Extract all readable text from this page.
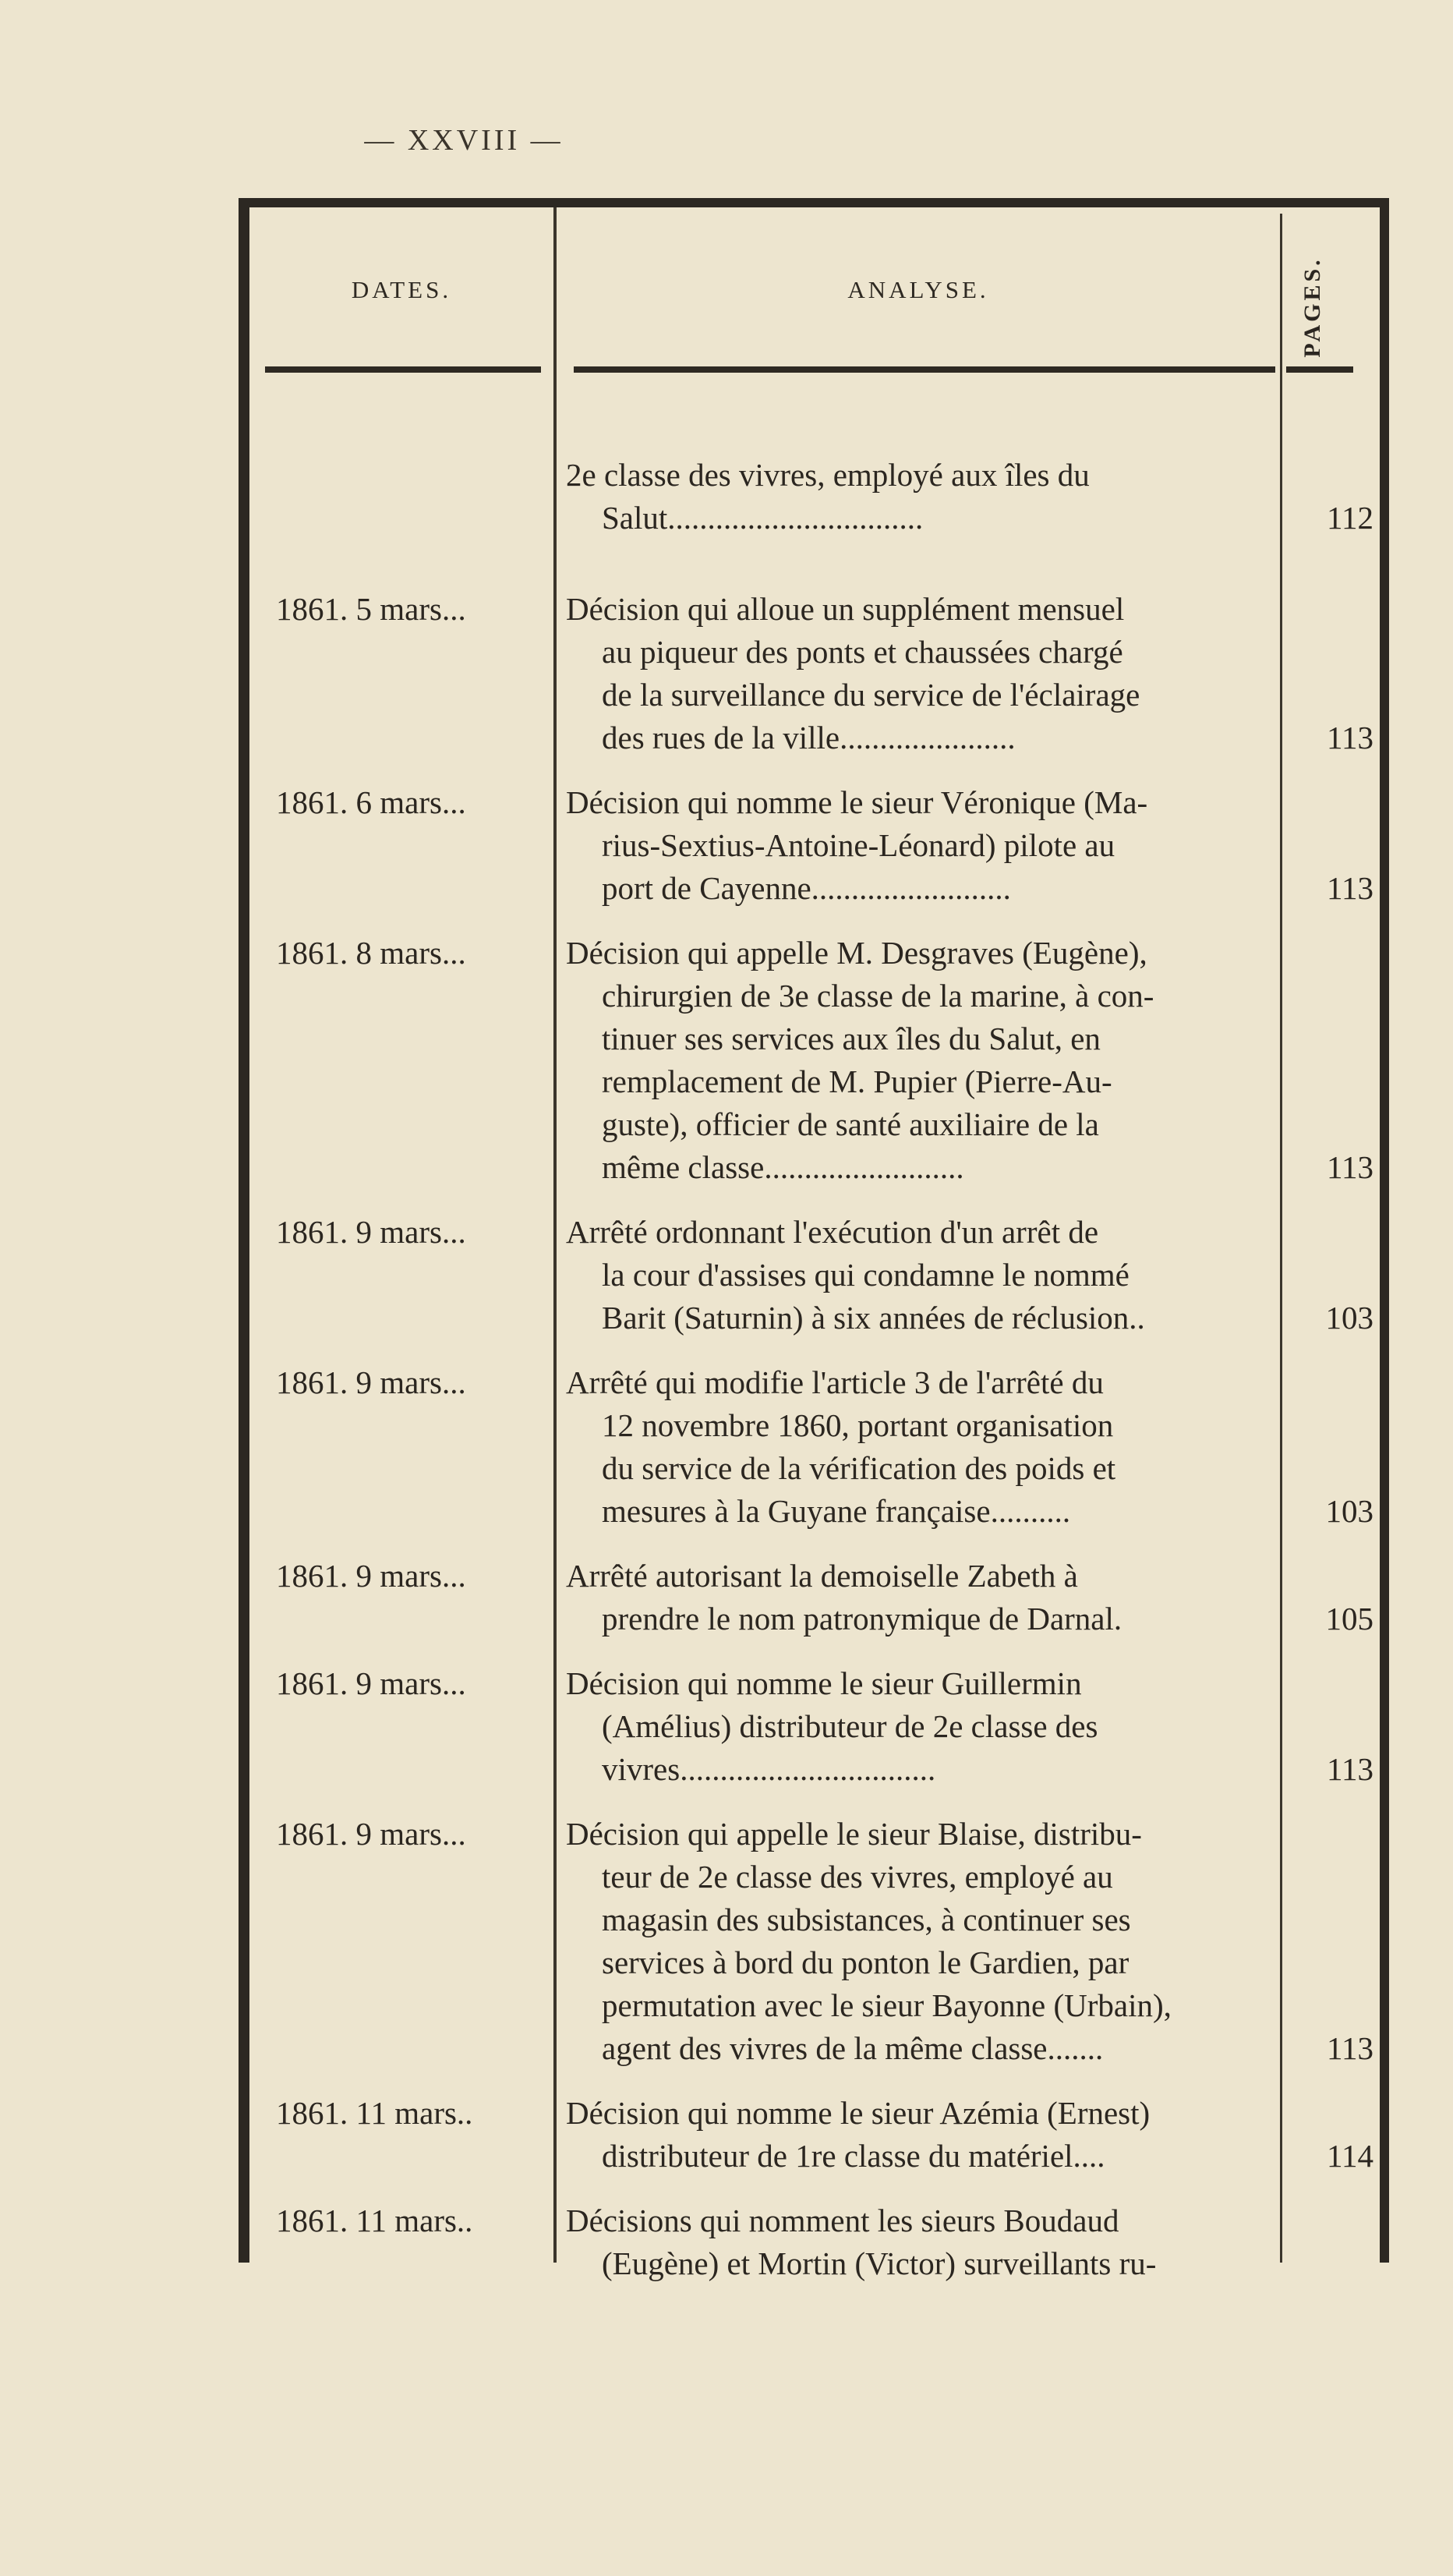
— XXVIII —
DATES.	ANALYSE.	PAGES.
2e classe des vivres, employé aux îles du
Salut................................	112
1861. 5 mars...	Décision qui alloue un supplément mensuel
au piqueur des ponts et chaussées chargé
de la surveillance du service de l'éclairage
des rues de la ville......................	113
1861. 6 mars...	Décision qui nomme le sieur Véronique (Ma-
rius-Sextius-Antoine-Léonard) pilote au
port de Cayenne.........................	113
1861. 8 mars...	Décision qui appelle M. Desgraves (Eugène),
chirurgien de 3e classe de la marine, à con-
tinuer ses services aux îles du Salut, en
remplacement de M. Pupier (Pierre-Au-
guste), officier de santé auxiliaire de la
même classe.........................	113
1861. 9 mars...	Arrêté ordonnant l'exécution d'un arrêt de
la cour d'assises qui condamne le nommé
Barit (Saturnin) à six années de réclusion..	103
1861. 9 mars...	Arrêté qui modifie l'article 3 de l'arrêté du
12 novembre 1860, portant organisation
du service de la vérification des poids et
mesures à la Guyane française..........	103
1861. 9 mars...	Arrêté autorisant la demoiselle Zabeth à
prendre le nom patronymique de Darnal.	105
1861. 9 mars...	Décision qui nomme le sieur Guillermin
(Amélius) distributeur de 2e classe des
vivres................................	113
1861. 9 mars...	Décision qui appelle le sieur Blaise, distribu-
teur de 2e classe des vivres, employé au
magasin des subsistances, à continuer ses
services à bord du ponton le Gardien, par
permutation avec le sieur Bayonne (Urbain),
agent des vivres de la même classe.......	113
1861. 11 mars..	Décision qui nomme le sieur Azémia (Ernest)
distributeur de 1re classe du matériel....	114
1861. 11 mars..	Décisions qui nomment les sieurs Boudaud
(Eugène) et Mortin (Victor) surveillants ru-
